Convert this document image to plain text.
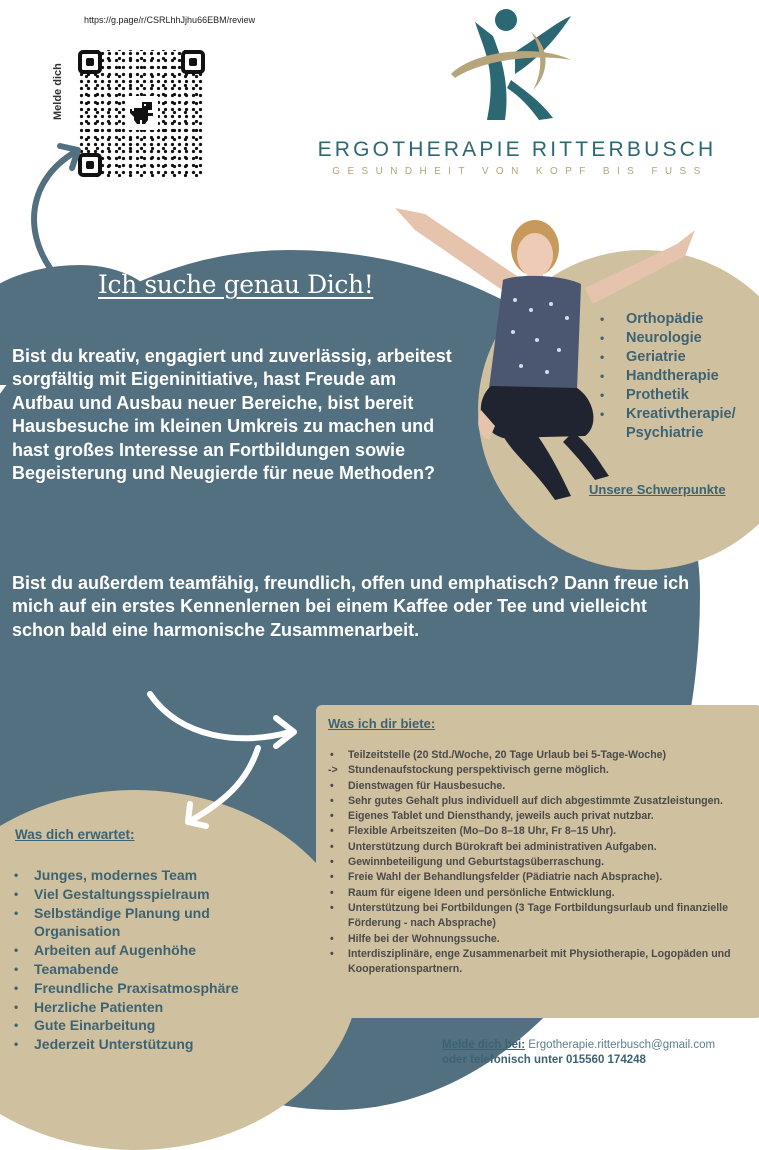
https://g.page/r/CSRLhhJjhu66EBM/review
Melde dich
ERGOTHERAPIE RITTERBUSCH
GESUNDHEIT VON KOPF BIS FUSS
Ich suche genau Dich!
Bist du kreativ, engagiert und zuverlässig, arbeitest sorgfältig mit Eigeninitiative, hast Freude am Aufbau und Ausbau neuer Bereiche, bist bereit Hausbesuche im kleinen Umkreis zu machen und hast großes Interesse an Fortbildungen sowie Begeisterung und Neugierde für neue Methoden?
Bist du außerdem teamfähig, freundlich, offen und emphatisch? Dann freue ich mich auf ein erstes Kennenlernen bei einem Kaffee oder Tee und vielleicht schon bald eine harmonische Zusammenarbeit.
• Orthopädie
• Neurologie
• Geriatrie
• Handtherapie
• Prothetik
• Kreativtherapie/ Psychiatrie
Unsere Schwerpunkte
Was ich dir biete:
• Teilzeitstelle (20 Std./Woche, 20 Tage Urlaub bei 5-Tage-Woche)
-> Stundenaufstockung perspektivisch gerne möglich.
• Dienstwagen für Hausbesuche.
• Sehr gutes Gehalt plus individuell auf dich abgestimmte Zusatzleistungen.
• Eigenes Tablet und Diensthandy, jeweils auch privat nutzbar.
• Flexible Arbeitszeiten (Mo–Do 8–18 Uhr, Fr 8–15 Uhr).
• Unterstützung durch Bürokraft bei administrativen Aufgaben.
• Gewinnbeteiligung und Geburtstagsüberraschung.
• Freie Wahl der Behandlungsfelder (Pädiatrie nach Absprache).
• Raum für eigene Ideen und persönliche Entwicklung.
• Unterstützung bei Fortbildungen (3 Tage Fortbildungsurlaub und finanzielle Förderung - nach Absprache)
• Hilfe bei der Wohnungssuche.
• Interdisziplinäre, enge Zusammenarbeit mit Physiotherapie, Logopäden und Kooperationspartnern.
Was dich erwartet:
• Junges, modernes Team
• Viel Gestaltungsspielraum
• Selbständige Planung und Organisation
• Arbeiten auf Augenhöhe
• Teamabende
• Freundliche Praxisatmosphäre
• Herzliche Patienten
• Gute Einarbeitung
• Jederzeit Unterstützung	Melde dich bei: Ergotherapie.ritterbusch@gmail.com
oder telefonisch unter 015560 174248
